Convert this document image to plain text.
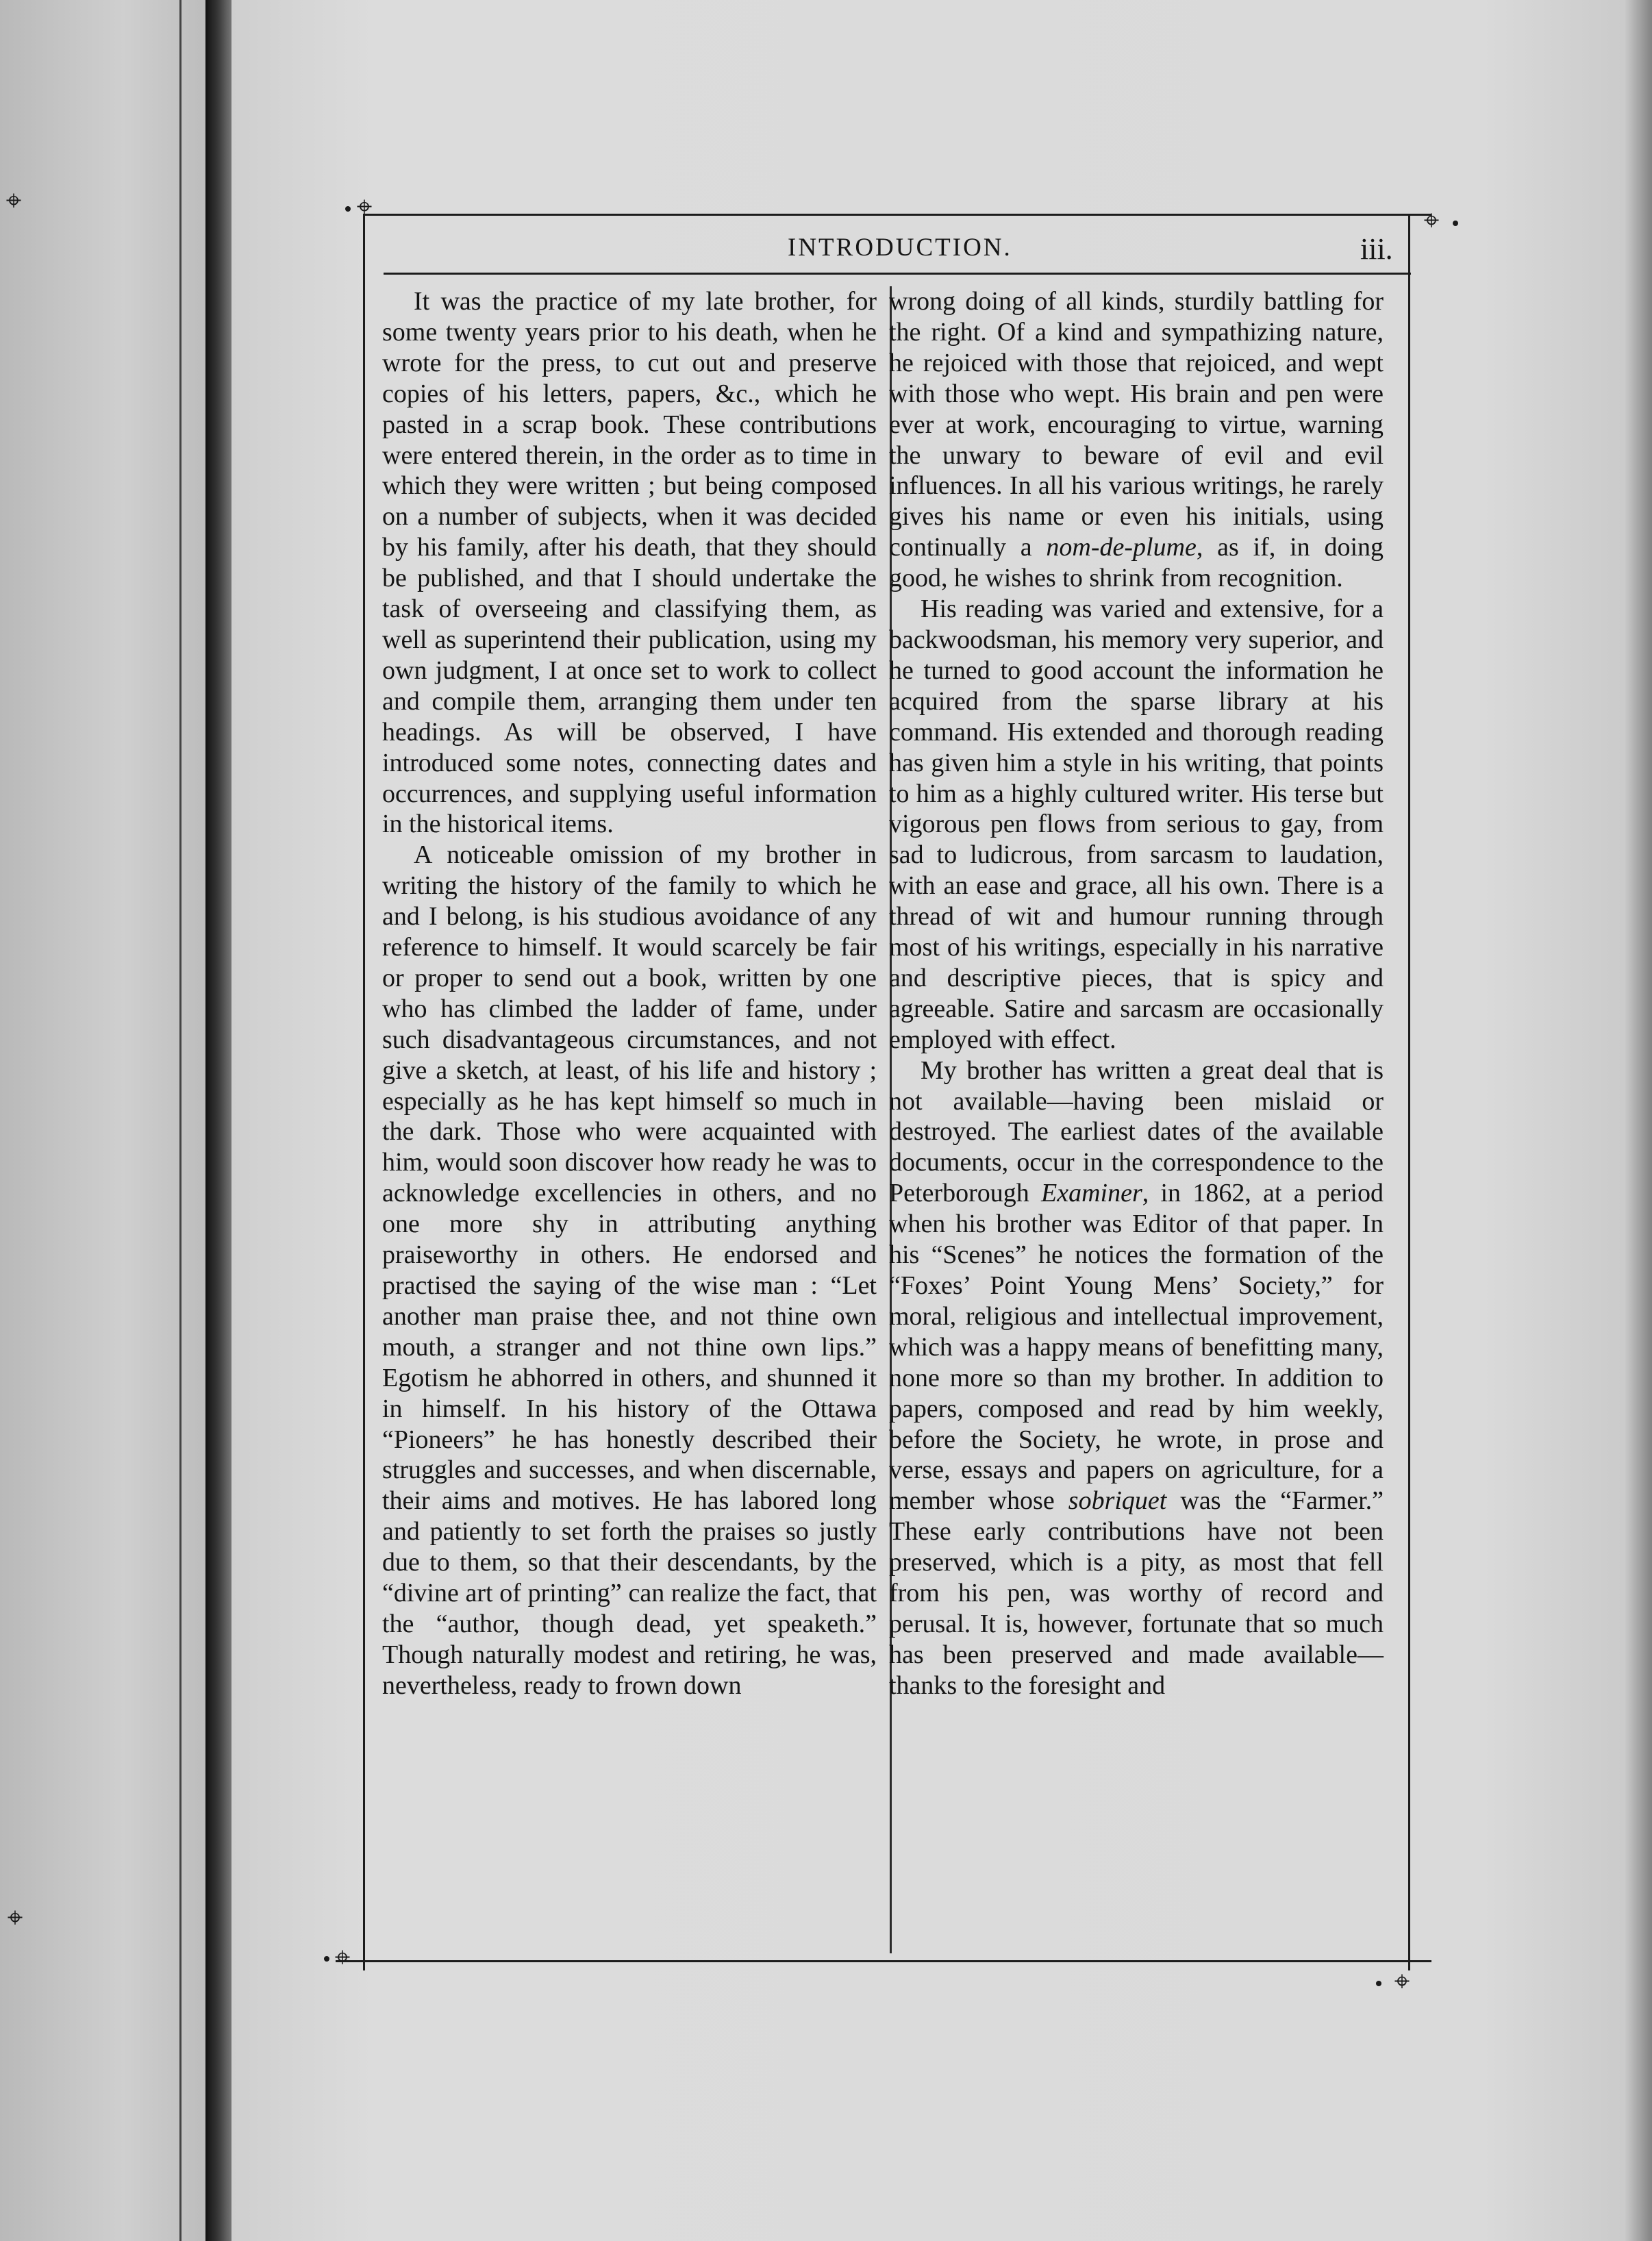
⌖	⌖
⌖
⌖
⌖
⌖
INTRODUCTION.	iii.

It was the practice of my late brother, for some twenty years prior to his death, when he wrote for the press, to cut out and preserve copies of his letters, papers, &c., which he pasted in a scrap book. These contributions were entered therein, in the order as to time in which they were written ; but being composed on a number of subjects, when it was decided by his family, after his death, that they should be published, and that I should undertake the task of overseeing and classifying them, as well as superintend their publication, using my own judgment, I at once set to work to collect and compile them, arranging them under ten headings. As will be observed, I have introduced some notes, connecting dates and occurrences, and supplying useful information in the historical items.

A noticeable omission of my brother in writing the history of the family to which he and I belong, is his studious avoidance of any reference to himself. It would scarcely be fair or proper to send out a book, written by one who has climbed the ladder of fame, under such disadvantageous circumstances, and not give a sketch, at least, of his life and history ; especially as he has kept himself so much in the dark. Those who were acquainted with him, would soon discover how ready he was to acknowledge excellencies in others, and no one more shy in attributing anything praiseworthy in others. He endorsed and practised the saying of the wise man : “Let another man praise thee, and not thine own mouth, a stranger and not thine own lips.” Egotism he abhorred in others, and shunned it in himself. In his history of the Ottawa “Pioneers” he has honestly described their struggles and successes, and when discernable, their aims and motives. He has labored long and patiently to set forth the praises so justly due to them, so that their descendants, by the “divine art of printing” can realize the fact, that the “author, though dead, yet speaketh.” Though naturally modest and retiring, he was, nevertheless, ready to frown down

wrong doing of all kinds, sturdily battling for the right. Of a kind and sympathizing nature, he rejoiced with those that rejoiced, and wept with those who wept. His brain and pen were ever at work, encouraging to virtue, warning the unwary to beware of evil and evil influences. In all his various writings, he rarely gives his name or even his initials, using continually a nom-de-plume, as if, in doing good, he wishes to shrink from recognition.

His reading was varied and extensive, for a backwoodsman, his memory very superior, and he turned to good account the information he acquired from the sparse library at his command. His extended and thorough reading has given him a style in his writing, that points to him as a highly cultured writer. His terse but vigorous pen flows from serious to gay, from sad to ludicrous, from sarcasm to laudation, with an ease and grace, all his own. There is a thread of wit and humour running through most of his writings, especially in his narrative and descriptive pieces, that is spicy and agreeable. Satire and sarcasm are occasionally employed with effect.

My brother has written a great deal that is not available—having been mislaid or destroyed. The earliest dates of the available documents, occur in the correspondence to the Peterborough Examiner, in 1862, at a period when his brother was Editor of that paper. In his “Scenes” he notices the formation of the “Foxes’ Point Young Mens’ Society,” for moral, religious and intellectual improvement, which was a happy means of benefitting many, none more so than my brother. In addition to papers, composed and read by him weekly, before the Society, he wrote, in prose and verse, essays and papers on agriculture, for a member whose sobriquet was the “Farmer.” These early contributions have not been preserved, which is a pity, as most that fell from his pen, was worthy of record and perusal. It is, however, fortunate that so much has been preserved and made available—thanks to the foresight and
